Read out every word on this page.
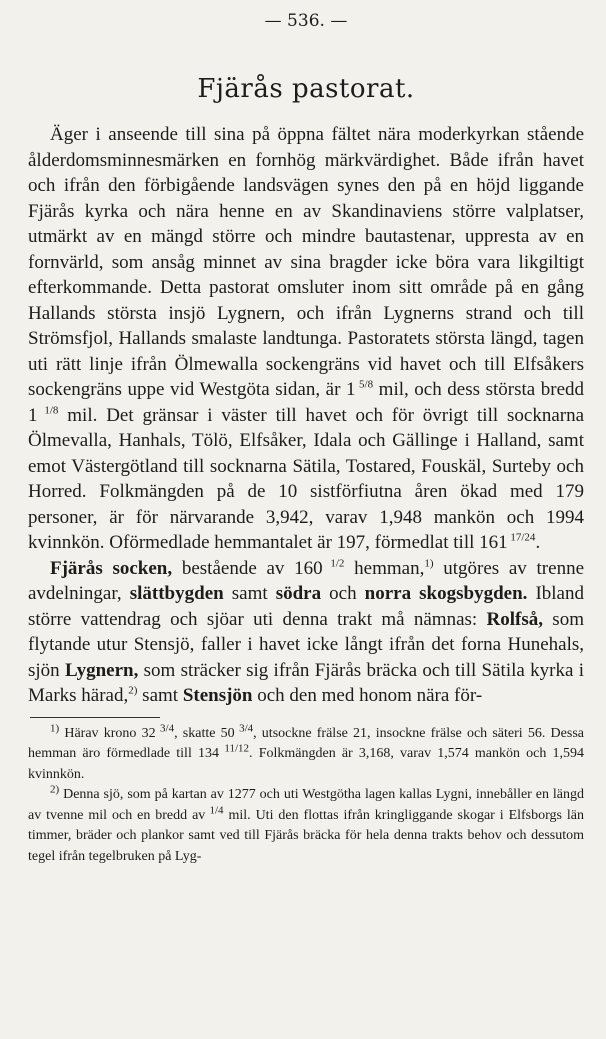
— 536. —
Fjärås pastorat.

Äger i anseende till sina på öppna fältet nära moderkyrkan stående ålderdomsminnesmärken en fornhög märkvärdighet. Både ifrån havet och ifrån den förbigående landsvägen synes den på en höjd liggande Fjärås kyrka och nära henne en av Skandinaviens större valplatser, utmärkt av en mängd större och mindre bautastenar, uppresta av en fornvärld, som ansåg minnet av sina bragder icke böra vara likgiltigt efterkommande. Detta pastorat omsluter inom sitt område på en gång Hallands största insjö Lygnern, och ifrån Lygnerns strand och till Strömsfjol, Hallands smalaste landtunga. Pastoratets största längd, tagen uti rätt linje ifrån Ölmewalla sockengräns vid havet och till Elfsåkers sockengräns uppe vid Westgöta sidan, är 1 $^{5/8}$ mil, och dess största bredd 1 $^{1/8}$ mil. Det gränsar i väster till havet och för övrigt till socknarna Ölmevalla, Hanhals, Tölö, Elfsåker, Idala och Gällinge i Halland, samt emot Västergötland till socknarna Sätila, Tostared, Fouskäl, Surteby och Horred. Folkmängden på de 10 sistförfiutna åren ökad med 179 personer, är för närvarande 3,942, varav 1,948 mankön och 1994 kvinnkön. Oförmedlade hemmantalet är 197, förmedlat till 161 $^{17/24}$.

Fjärås socken, bestående av 160 $^{1/2}$ hemman,$^{1)}$ utgöres av trenne avdelningar, slättbygden samt södra och norra skogsbygden. Ibland större vattendrag och sjöar uti denna trakt må nämnas: Rolfså, som flytande utur Stensjö, faller i havet icke långt ifrån det forna Hunehals, sjön Lygnern, som sträcker sig ifrån Fjärås bräcka och till Sätila kyrka i Marks härad,$^{2)}$ samt Stensjön och den med honom nära för-

$^{1)}$ Härav krono 32 $^{3/4}$, skatte 50 $^{3/4}$, utsockne frälse 21, insockne frälse och säteri 56. Dessa hemman äro förmedlade till 134 $^{11/12}$. Folkmängden är 3,168, varav 1,574 mankön och 1,594 kvinnkön.

$^{2)}$ Denna sjö, som på kartan av 1277 och uti Westgötha lagen kallas Lygni, innebåller en längd av tvenne mil och en bredd av $^{1/4}$ mil. Uti den flottas ifrån kringliggande skogar i Elfsborgs län timmer, bräder och plankor samt ved till Fjärås bräcka för hela denna trakts behov och dessutom tegel ifrån tegelbruken på Lyg-
